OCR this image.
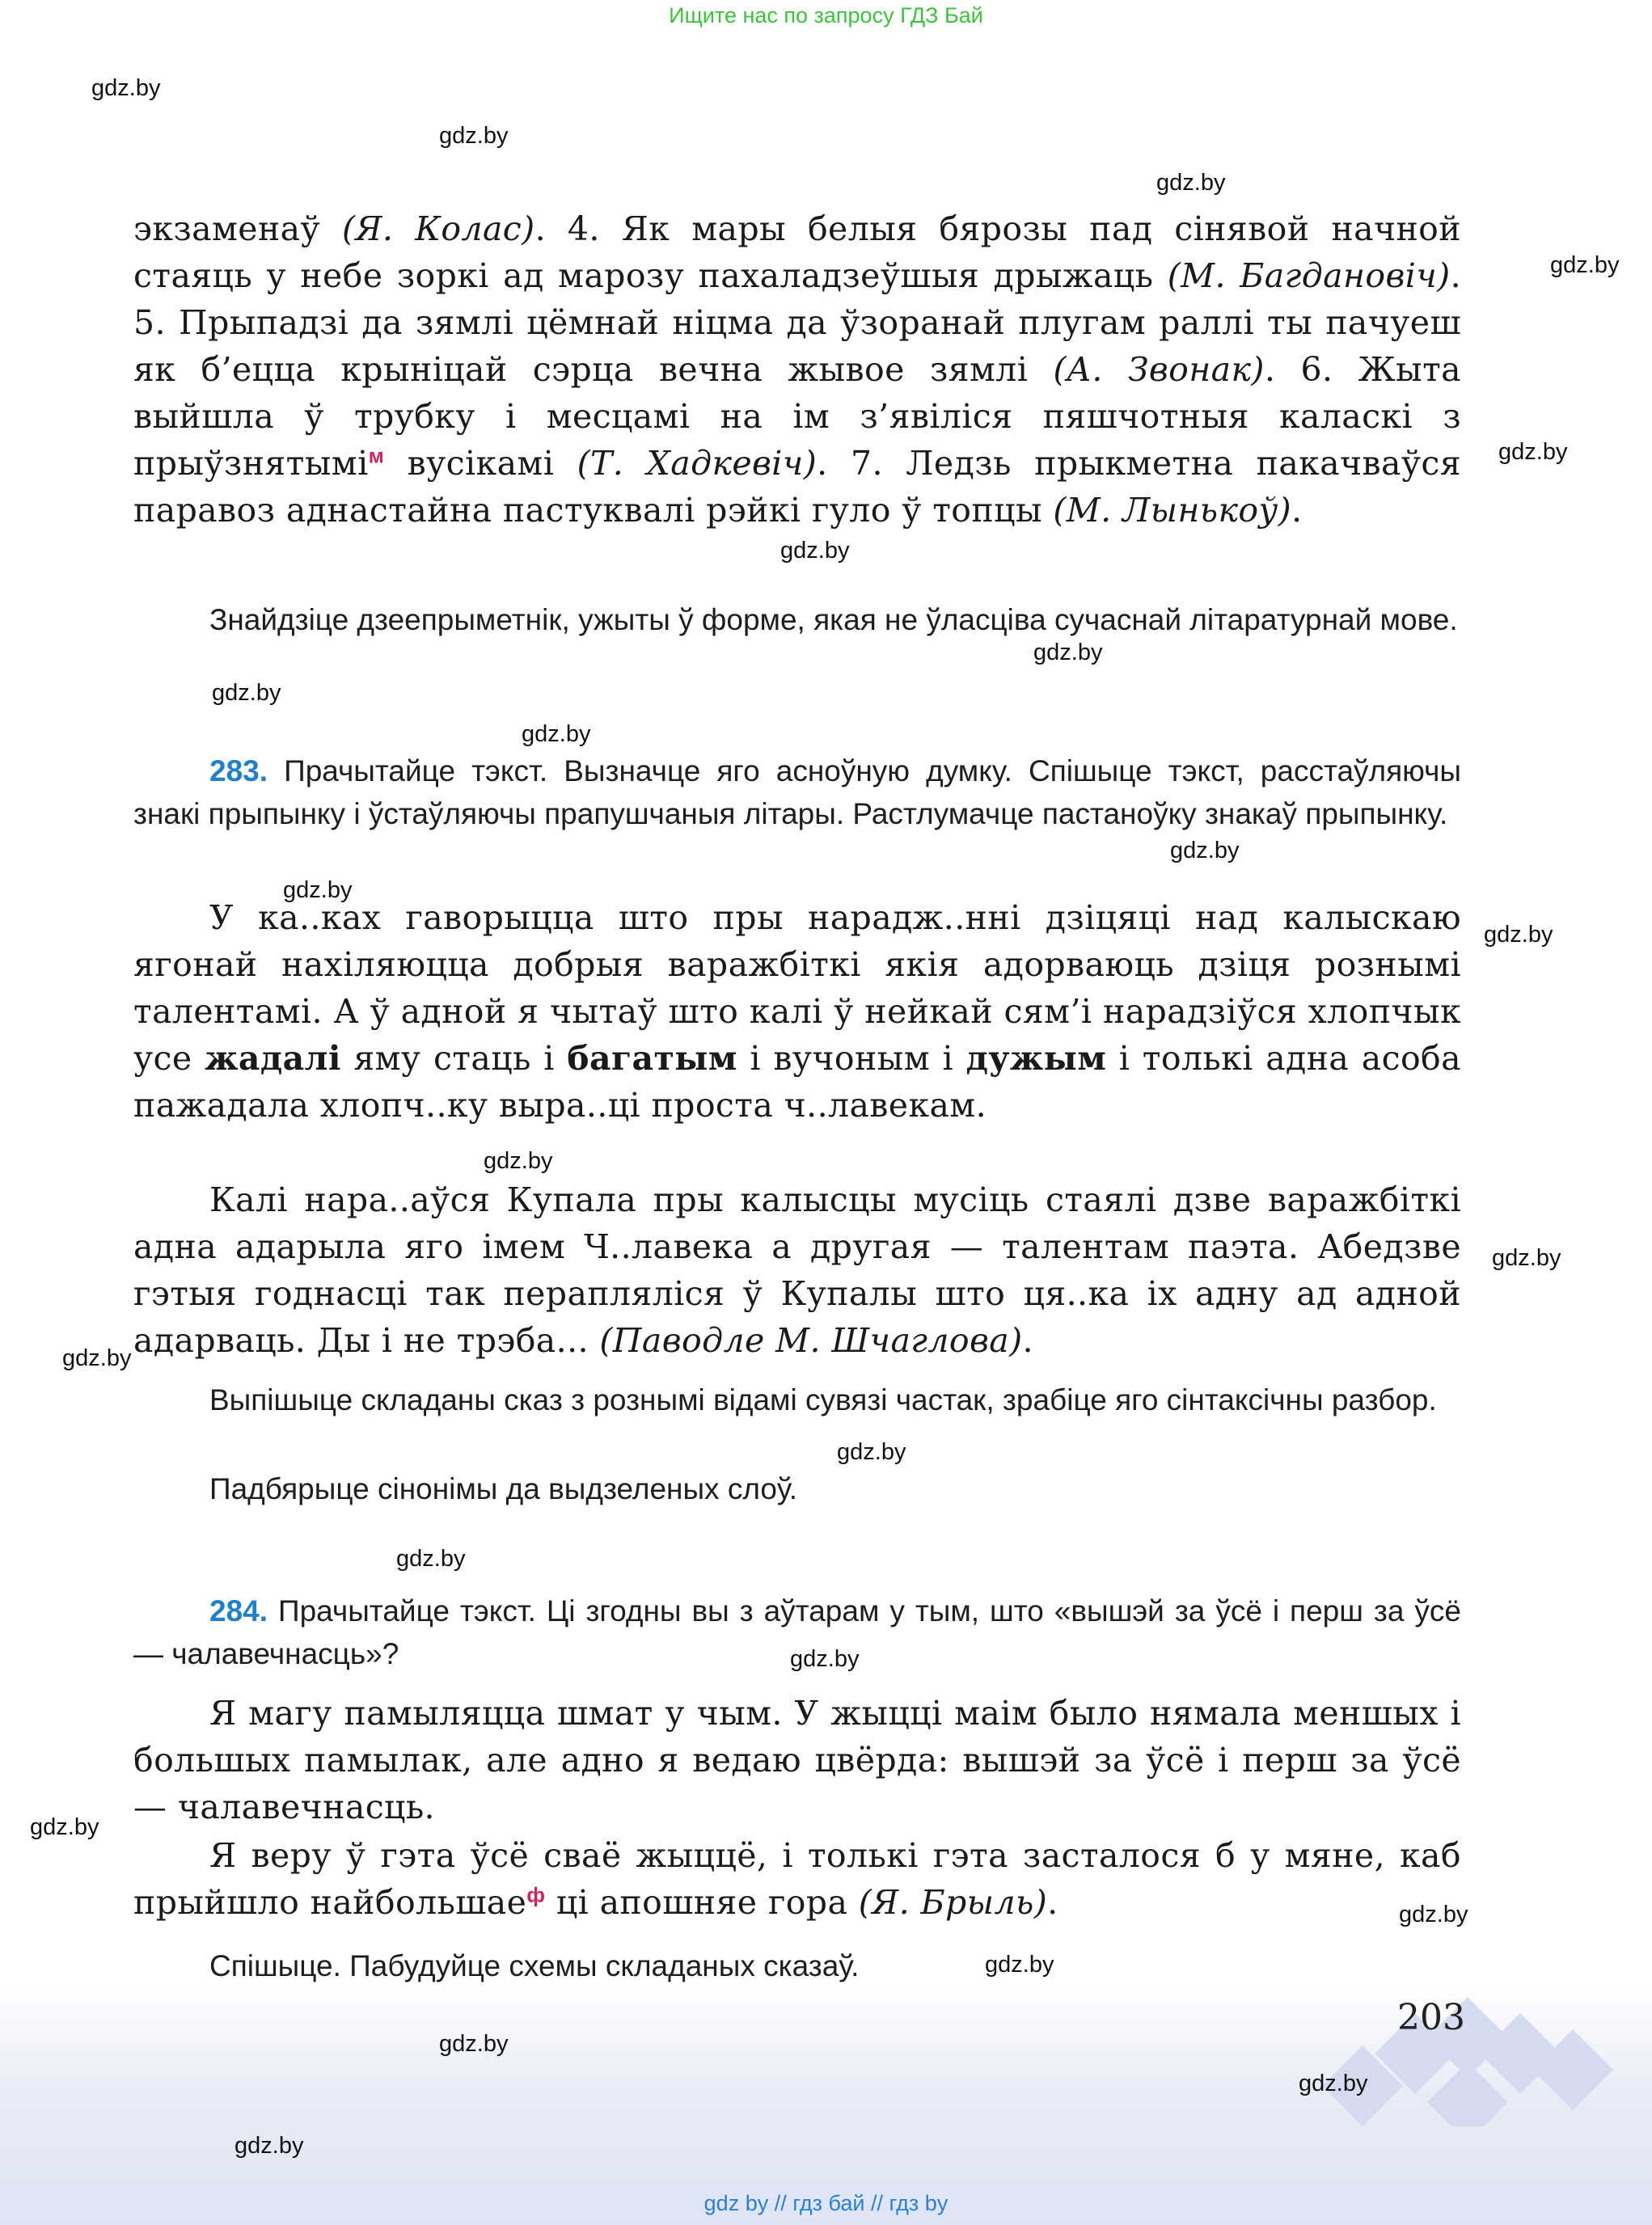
Ищите нас по запросу ГДЗ Бай
203
gdz by // гдз бай // гдз by

экзаменаў (Я. Колас). 4. Як мары белыя бярозы пад сінявой начной стаяць у небе зоркі ад марозу пахаладзеўшыя дрыжаць (М. Багдановіч). 5. Прыпадзі да зямлі цёмнай ніцма да ўзоранай плугам раллі ты пачуеш як б’ецца крыніцай сэрца вечна жывое зямлі (А. Звонак). 6. Жыта выйшла ў трубку і месцамі на ім з’явіліся пяшчотныя каласкі з прыўзнятымі$^м$ вусікамі (Т. Хадкевіч). 7. Ледзь прыкметна пакачваўся паравоз аднастайна пастуквалі рэйкі гуло ў топцы (М. Лынькоў).

Знайдзіце дзеепрыметнік, ужыты ў форме, якая не ўласціва сучаснай літаратурнай мове.
283. Прачытайце тэкст. Вызначце яго асноўную думку. Спішыце тэкст, расстаўляючы знакі прыпынку і ўстаўляючы прапушчаныя літары. Растлумачце пастаноўку знакаў прыпынку.
У ка..ках гаворыцца што пры нарадж..нні дзіцяці над калыскаю ягонай нахіляюцца добрыя варажбіткі якія адорваюць дзіця рознымі талентамі. А ў адной я чытаў што калі ў нейкай сям’і нарадзіўся хлопчык усе жадалі яму стаць і багатым і вучоным і дужым і толькі адна асоба пажадала хлопч..ку выра..ці проста ч..лавекам.
Калі нара..аўся Купала пры калысцы мусіць стаялі дзве варажбіткі адна адарыла яго імем Ч..лавека а другая — талентам паэта. Абедзве гэтыя годнасці так перапляліся ў Купалы што ця..ка іх адну ад адной адарваць. Ды і не трэба... (Паводле М. Шчаглова).
Выпішыце складаны сказ з рознымі відамі сувязі частак, зрабіце яго сінтаксічны разбор.
Падбярыце сінонімы да выдзеленых слоў.
284. Прачытайце тэкст. Ці згодны вы з аўтарам у тым, што «вышэй за ўсё і перш за ўсё — чалавечнасць»?
Я магу памыляцца шмат у чым. У жыцці маім было нямала меншых і большых памылак, але адно я ведаю цвёрда: вышэй за ўсё і перш за ўсё — чалавечнасць.
Я веру ў гэта ўсё сваё жыццё, і толькі гэта засталося б у мяне, каб прыйшло найбольшае$^ф$ ці апошняе гора (Я. Брыль).
Спішыце. Пабудуйце схемы складаных сказаў.
gdz.by
gdz.by
gdz.by
gdz.by
gdz.by
gdz.by
gdz.by
gdz.by
gdz.by
gdz.by
gdz.by
gdz.by
gdz.by
gdz.by
gdz.by
gdz.by
gdz.by
gdz.by
gdz.by
gdz.by
gdz.by
gdz.by
gdz.by
gdz.by
